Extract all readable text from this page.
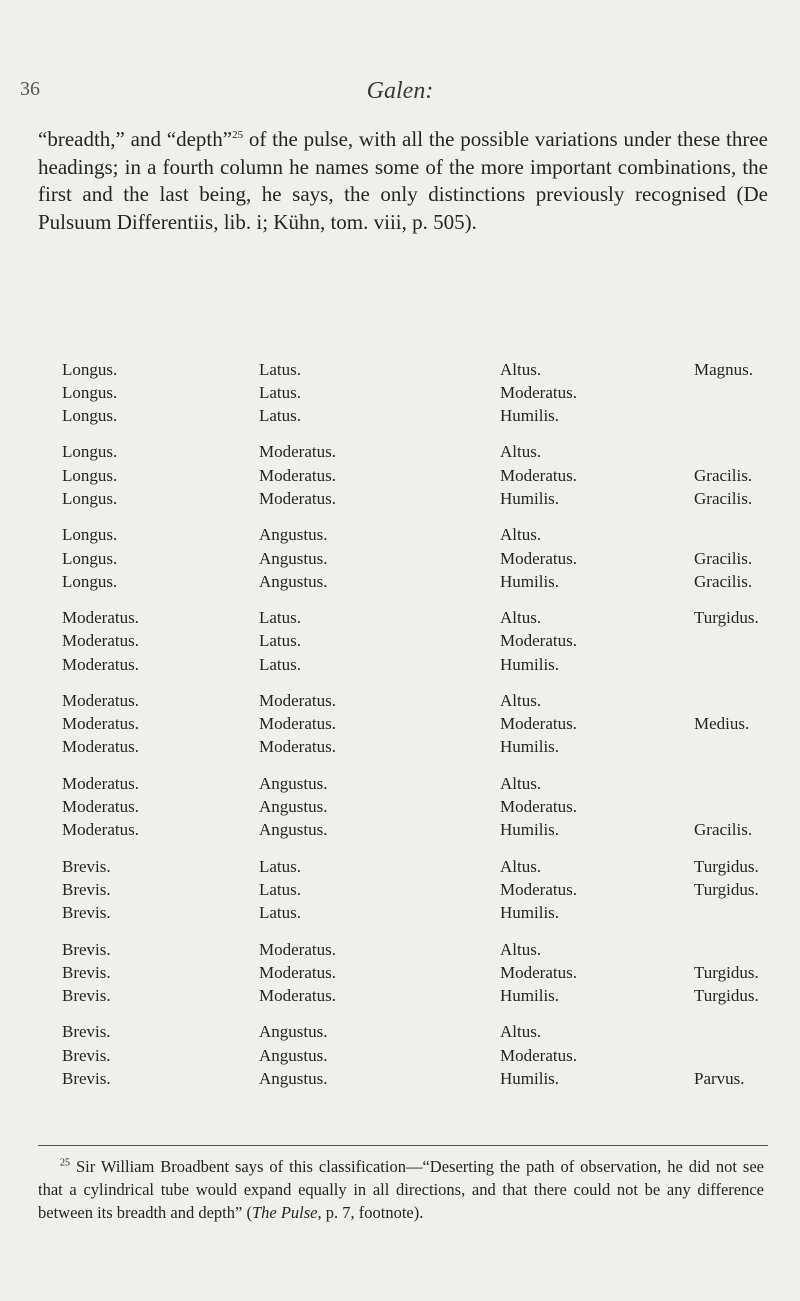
36	Galen:

“breadth,” and “depth”$^{25}$ of the pulse, with all the possible variations under these three headings; in a fourth column he names some of the more important combinations, the first and the last being, he says, the only distinctions previously recognised (De Pulsuum Differentiis, lib. i; Kühn, tom. viii, p. 505).

Longus.	Latus.	Altus.	Magnus.
Longus.	Latus.	Moderatus.
Longus.	Latus.	Humilis.
Longus.	Moderatus.	Altus.
Longus.	Moderatus.	Moderatus.	Gracilis.
Longus.	Moderatus.	Humilis.	Gracilis.
Longus.	Angustus.	Altus.
Longus.	Angustus.	Moderatus.	Gracilis.
Longus.	Angustus.	Humilis.	Gracilis.
Moderatus.	Latus.	Altus.	Turgidus.
Moderatus.	Latus.	Moderatus.
Moderatus.	Latus.	Humilis.
Moderatus.	Moderatus.	Altus.
Moderatus.	Moderatus.	Moderatus.	Medius.
Moderatus.	Moderatus.	Humilis.
Moderatus.	Angustus.	Altus.
Moderatus.	Angustus.	Moderatus.
Moderatus.	Angustus.	Humilis.	Gracilis.
Brevis.	Latus.	Altus.	Turgidus.
Brevis.	Latus.	Moderatus.	Turgidus.
Brevis.	Latus.	Humilis.
Brevis.	Moderatus.	Altus.
Brevis.	Moderatus.	Moderatus.	Turgidus.
Brevis.	Moderatus.	Humilis.	Turgidus.
Brevis.	Angustus.	Altus.
Brevis.	Angustus.	Moderatus.
Brevis.	Angustus.	Humilis.	Parvus.

$^{25}$ Sir William Broadbent says of this classification—“Deserting the path of observation, he did not see that a cylindrical tube would expand equally in all directions, and that there could not be any difference between its breadth and depth” (The Pulse, p. 7, footnote).
